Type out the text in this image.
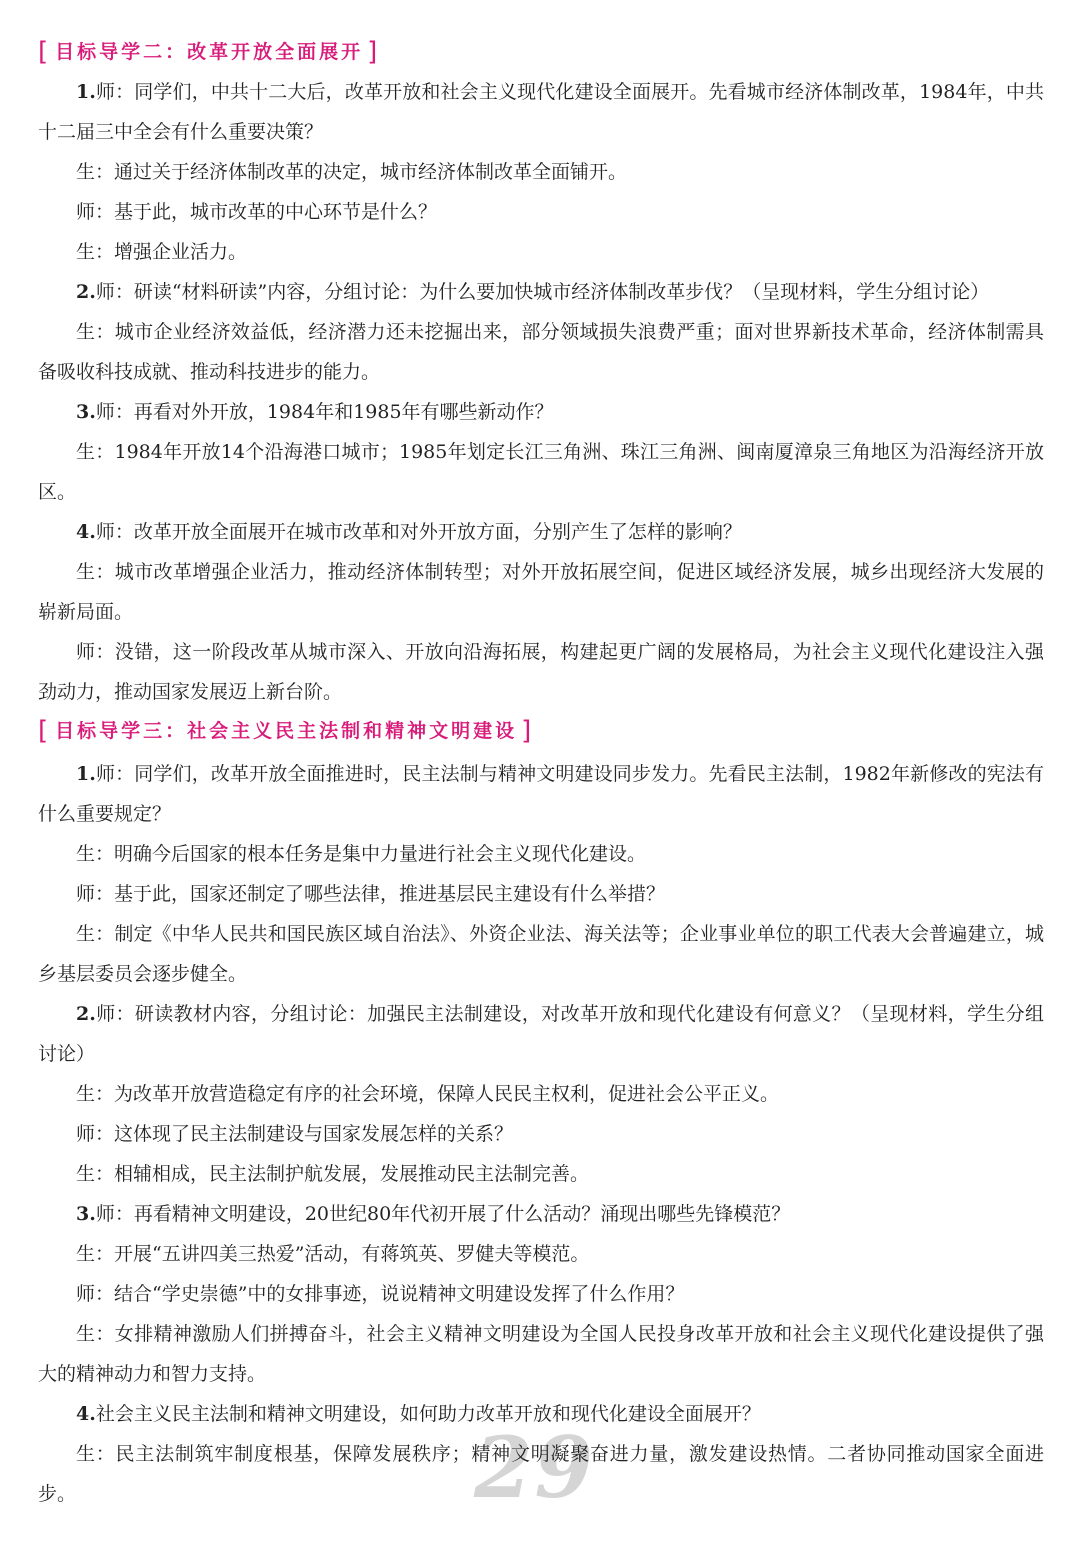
[ 目标导学二：改革开放全面展开 ]
1.师：同学们，中共十二大后，改革开放和社会主义现代化建设全面展开。先看城市经济体制改革，1984年，中共十二届三中全会有什么重要决策？
生：通过关于经济体制改革的决定，城市经济体制改革全面铺开。
师：基于此，城市改革的中心环节是什么？
生：增强企业活力。
2.师：研读“材料研读”内容，分组讨论：为什么要加快城市经济体制改革步伐？（呈现材料，学生分组讨论）
生：城市企业经济效益低，经济潜力还未挖掘出来，部分领域损失浪费严重；面对世界新技术革命，经济体制需具备吸收科技成就、推动科技进步的能力。
3.师：再看对外开放，1984年和1985年有哪些新动作？
生：1984年开放14个沿海港口城市；1985年划定长江三角洲、珠江三角洲、闽南厦漳泉三角地区为沿海经济开放区。
4.师：改革开放全面展开在城市改革和对外开放方面，分别产生了怎样的影响？
生：城市改革增强企业活力，推动经济体制转型；对外开放拓展空间，促进区域经济发展，城乡出现经济大发展的崭新局面。
师：没错，这一阶段改革从城市深入、开放向沿海拓展，构建起更广阔的发展格局，为社会主义现代化建设注入强劲动力，推动国家发展迈上新台阶。
[ 目标导学三：社会主义民主法制和精神文明建设 ]
1.师：同学们，改革开放全面推进时，民主法制与精神文明建设同步发力。先看民主法制，1982年新修改的宪法有什么重要规定？
生：明确今后国家的根本任务是集中力量进行社会主义现代化建设。
师：基于此，国家还制定了哪些法律，推进基层民主建设有什么举措？
生：制定《中华人民共和国民族区域自治法》、外资企业法、海关法等；企业事业单位的职工代表大会普遍建立，城乡基层委员会逐步健全。
2.师：研读教材内容，分组讨论：加强民主法制建设，对改革开放和现代化建设有何意义？（呈现材料，学生分组讨论）
生：为改革开放营造稳定有序的社会环境，保障人民民主权利，促进社会公平正义。
师：这体现了民主法制建设与国家发展怎样的关系？
生：相辅相成，民主法制护航发展，发展推动民主法制完善。
3.师：再看精神文明建设，20世纪80年代初开展了什么活动？涌现出哪些先锋模范？
生：开展“五讲四美三热爱”活动，有蒋筑英、罗健夫等模范。
师：结合“学史崇德”中的女排事迹，说说精神文明建设发挥了什么作用？
生：女排精神激励人们拼搏奋斗，社会主义精神文明建设为全国人民投身改革开放和社会主义现代化建设提供了强大的精神动力和智力支持。
4.社会主义民主法制和精神文明建设，如何助力改革开放和现代化建设全面展开？
29
生：民主法制筑牢制度根基，保障发展秩序；精神文明凝聚奋进力量，激发建设热情。二者协同推动国家全面进步。
